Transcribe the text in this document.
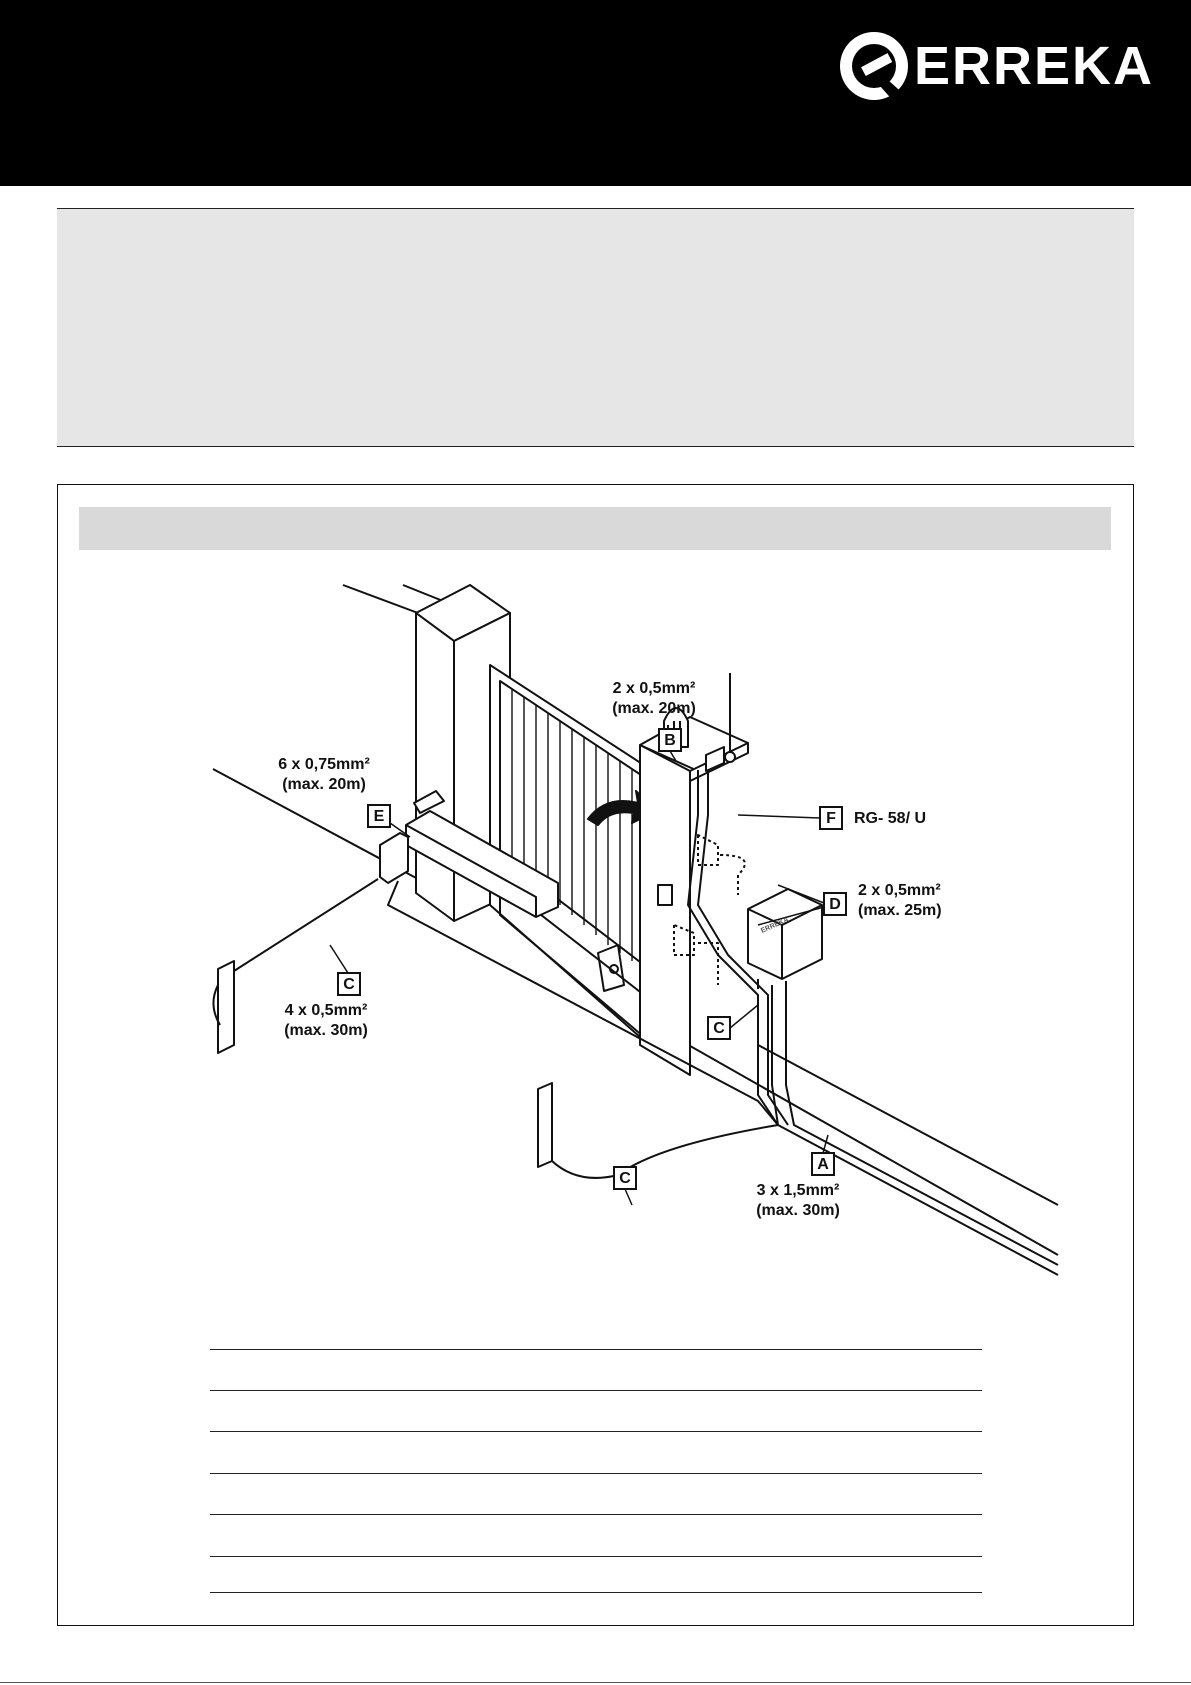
ERREKA
B
E	F
D
C
C
C
A
2 x 0,5mm²
(max. 20m)
6 x 0,75mm²
(max. 20m)
RG- 58/ U
2 x 0,5mm²
(max. 25m)
4 x 0,5mm²
(max. 30m)
3 x 1,5mm²
(max. 30m)
ERREKA
